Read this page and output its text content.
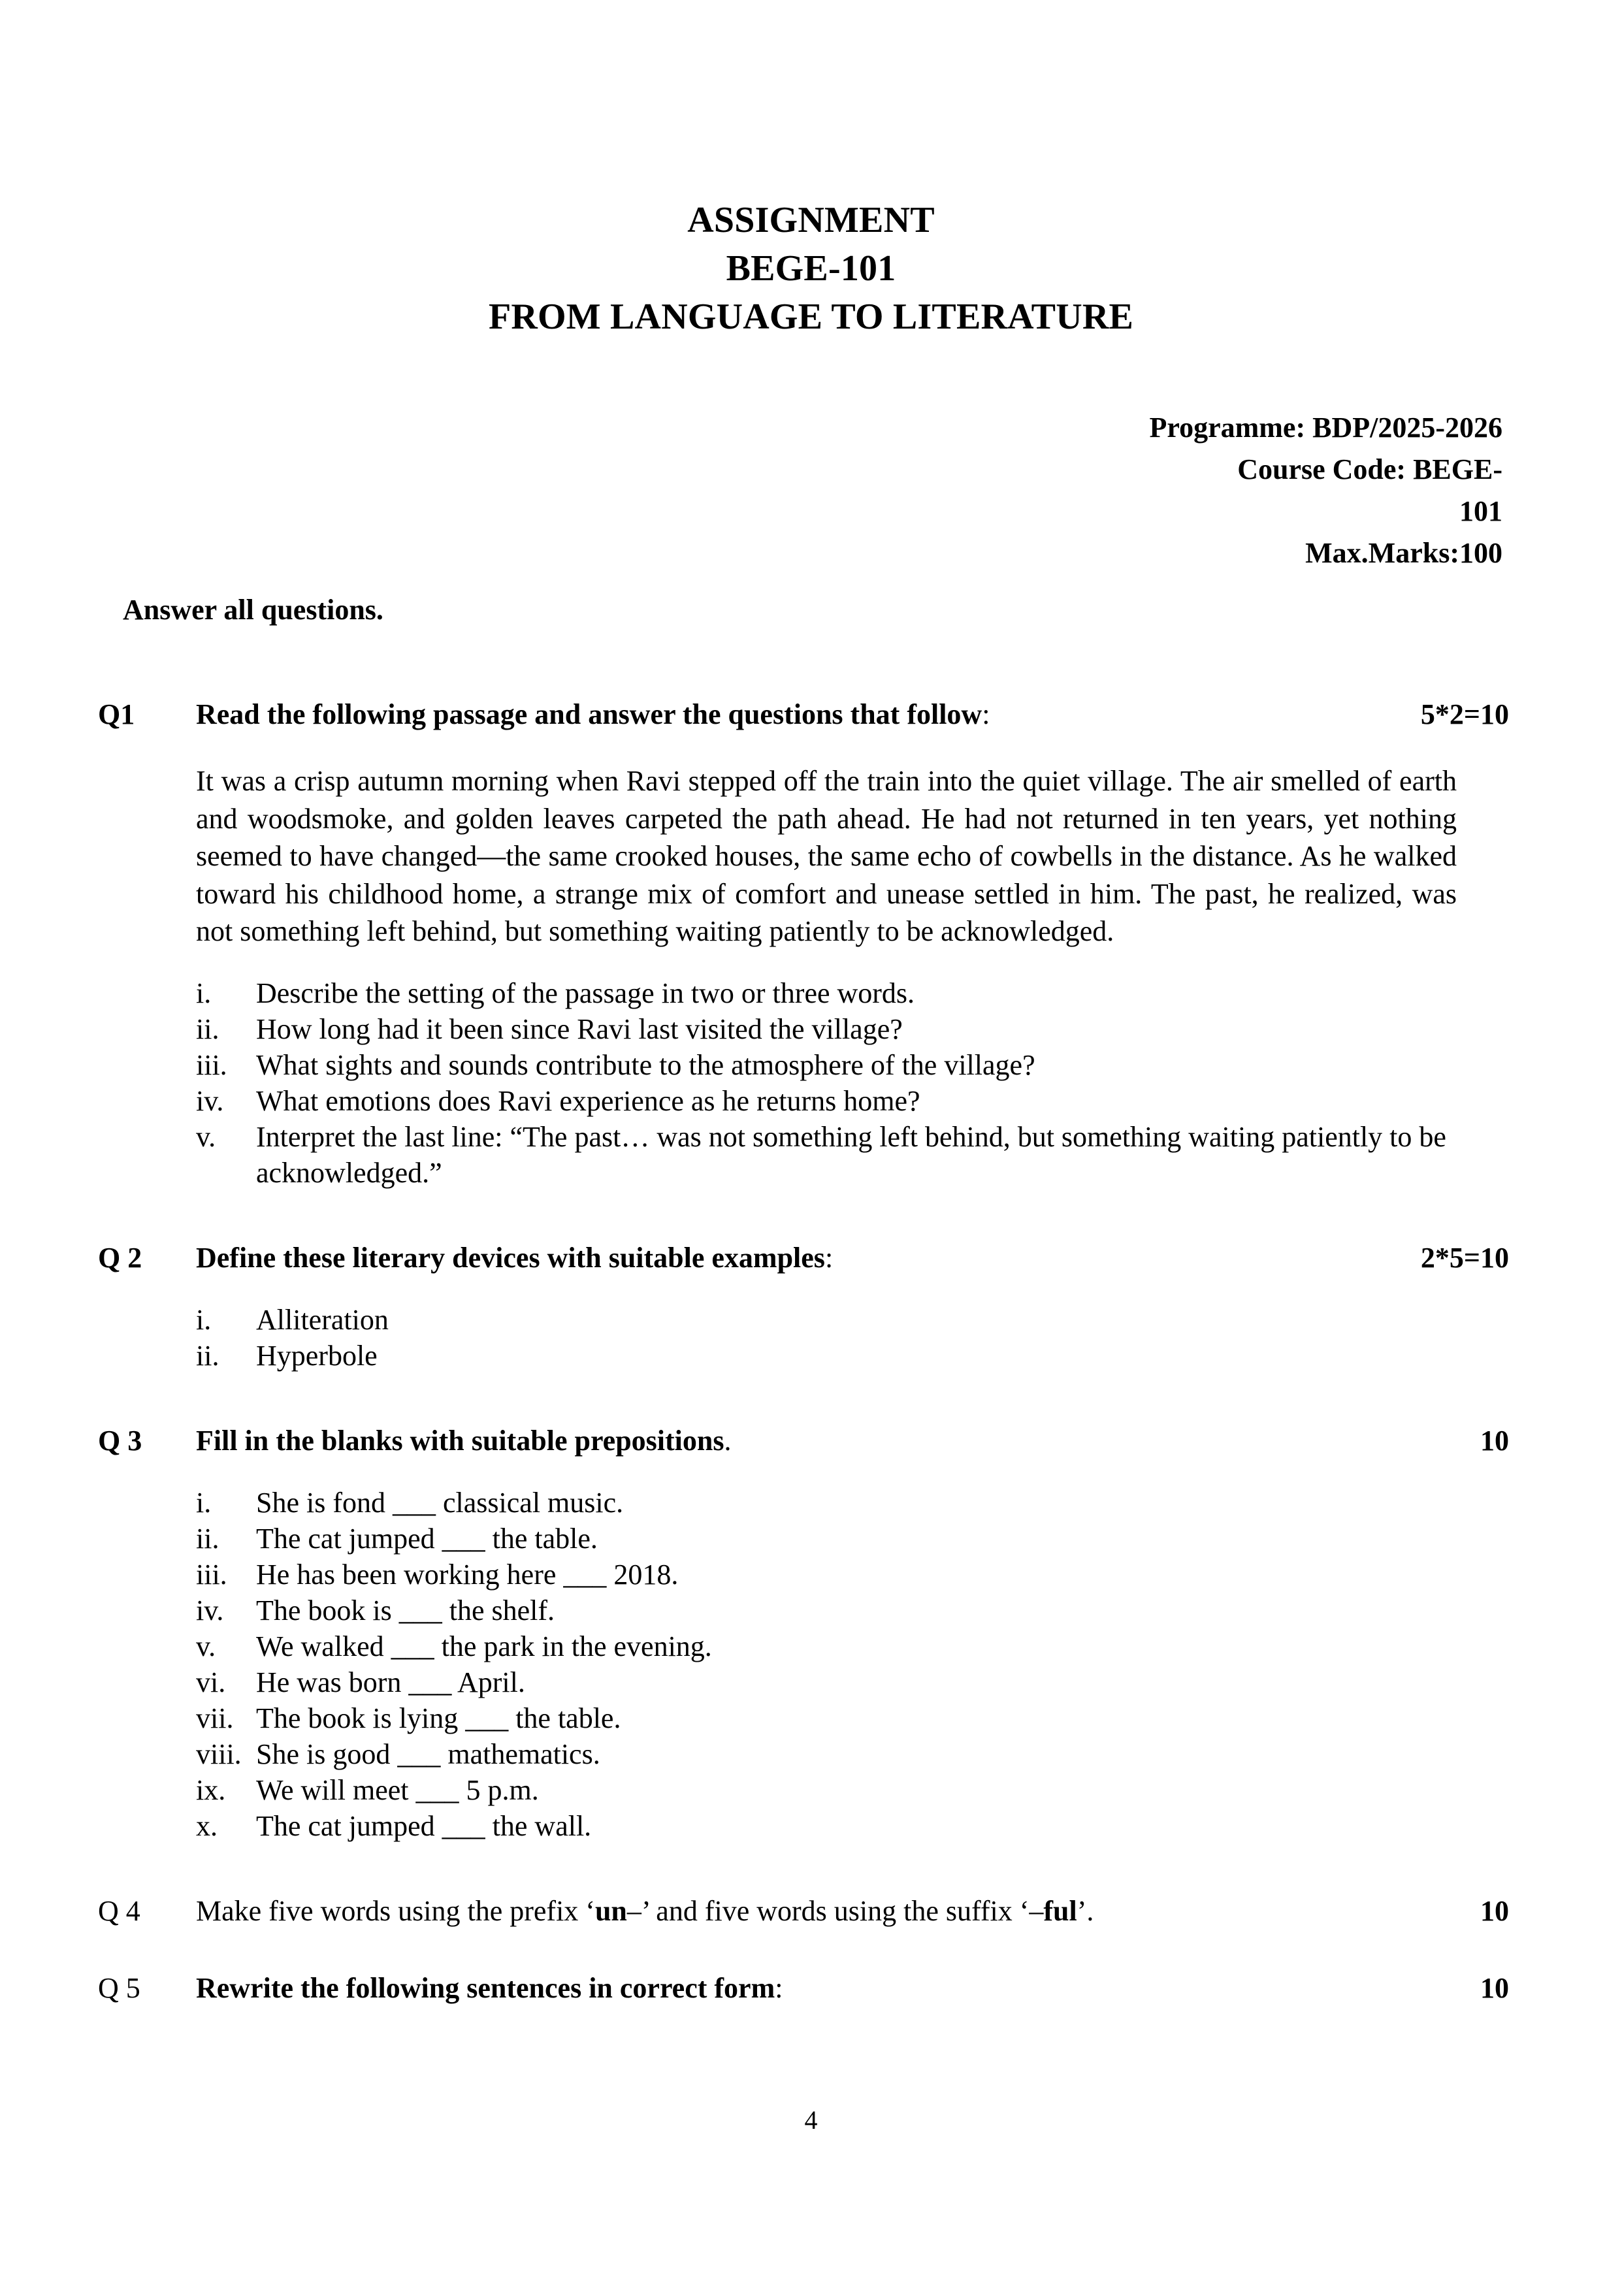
ASSIGNMENT
BEGE-101
FROM LANGUAGE TO LITERATURE
Programme: BDP/2025-2026
Course Code: BEGE-
101
Max.Marks:100
Answer all questions.
Q1	Read the following passage and answer the questions that follow:	5*2=10
It was a crisp autumn morning when Ravi stepped off the train into the quiet village. The air smelled of earth and woodsmoke, and golden leaves carpeted the path ahead. He had not returned in ten years, yet nothing seemed to have changed—the same crooked houses, the same echo of cowbells in the distance. As he walked toward his childhood home, a strange mix of comfort and unease settled in him. The past, he realized, was not something left behind, but something waiting patiently to be acknowledged.
i.	Describe the setting of the passage in two or three words.
ii.	How long had it been since Ravi last visited the village?
iii.	What sights and sounds contribute to the atmosphere of the village?
iv.	What emotions does Ravi experience as he returns home?
v.	Interpret the last line: “The past… was not something left behind, but something waiting patiently to be acknowledged.”
Q 2	Define these literary devices with suitable examples:	2*5=10
i.	Alliteration
ii.	Hyperbole
Q 3	Fill in the blanks with suitable prepositions.	10
i.	She is fond ___ classical music.
ii.	The cat jumped ___ the table.
iii.	He has been working here ___ 2018.
iv.	The book is ___ the shelf.
v.	We walked ___ the park in the evening.
vi.	He was born ___ April.
vii. The book is lying ___ the table.
viii. She is good ___ mathematics.
ix.	We will meet ___ 5 p.m.
x.	The cat jumped ___ the wall.
Q 4	Make five words using the prefix ‘un–’ and five words using the suffix ‘–ful’.	10
Q 5	Rewrite the following sentences in correct form:	10
4
